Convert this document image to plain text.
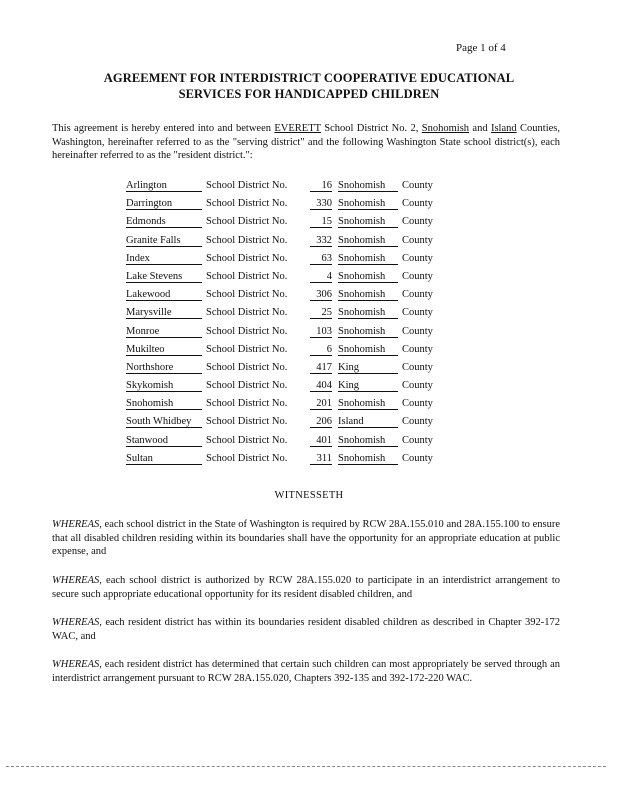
Page 1 of 4
AGREEMENT FOR INTERDISTRICT COOPERATIVE EDUCATIONAL
SERVICES FOR HANDICAPPED CHILDREN
This agreement is hereby entered into and between EVERETT School District No. 2, Snohomish and Island Counties, Washington, hereinafter referred to as the "serving district" and the following Washington State school district(s), each hereinafter referred to as the "resident district.":
Arlington	School District No.	16 Snohomish	County
Darrington	School District No.	330 Snohomish	County
Edmonds	School District No.	15 Snohomish	County
Granite Falls	School District No.	332 Snohomish	County
Index	School District No.	63 Snohomish	County
Lake Stevens	School District No.	4 Snohomish	County
Lakewood	School District No.	306 Snohomish	County
Marysville	School District No.	25 Snohomish	County
Monroe	School District No.	103 Snohomish	County
Mukilteo	School District No.	6 Snohomish	County
Northshore	School District No.	417 King	County
Skykomish	School District No.	404 King	County
Snohomish	School District No.	201 Snohomish	County
South Whidbey	School District No.	206 Island	County
Stanwood	School District No.	401 Snohomish	County
Sultan	School District No.	311 Snohomish	County
WITNESSETH
WHEREAS, each school district in the State of Washington is required by RCW 28A.155.010 and 28A.155.100 to ensure that all disabled children residing within its boundaries shall have the opportunity for an appropriate education at public expense, and
WHEREAS, each school district is authorized by RCW 28A.155.020 to participate in an interdistrict arrangement to secure such appropriate educational opportunity for its resident disabled children, and
WHEREAS, each resident district has within its boundaries resident disabled children as described in Chapter 392-172 WAC, and
WHEREAS, each resident district has determined that certain such children can most appropriately be served through an interdistrict arrangement pursuant to RCW 28A.155.020, Chapters 392-135 and 392-172-220 WAC.
